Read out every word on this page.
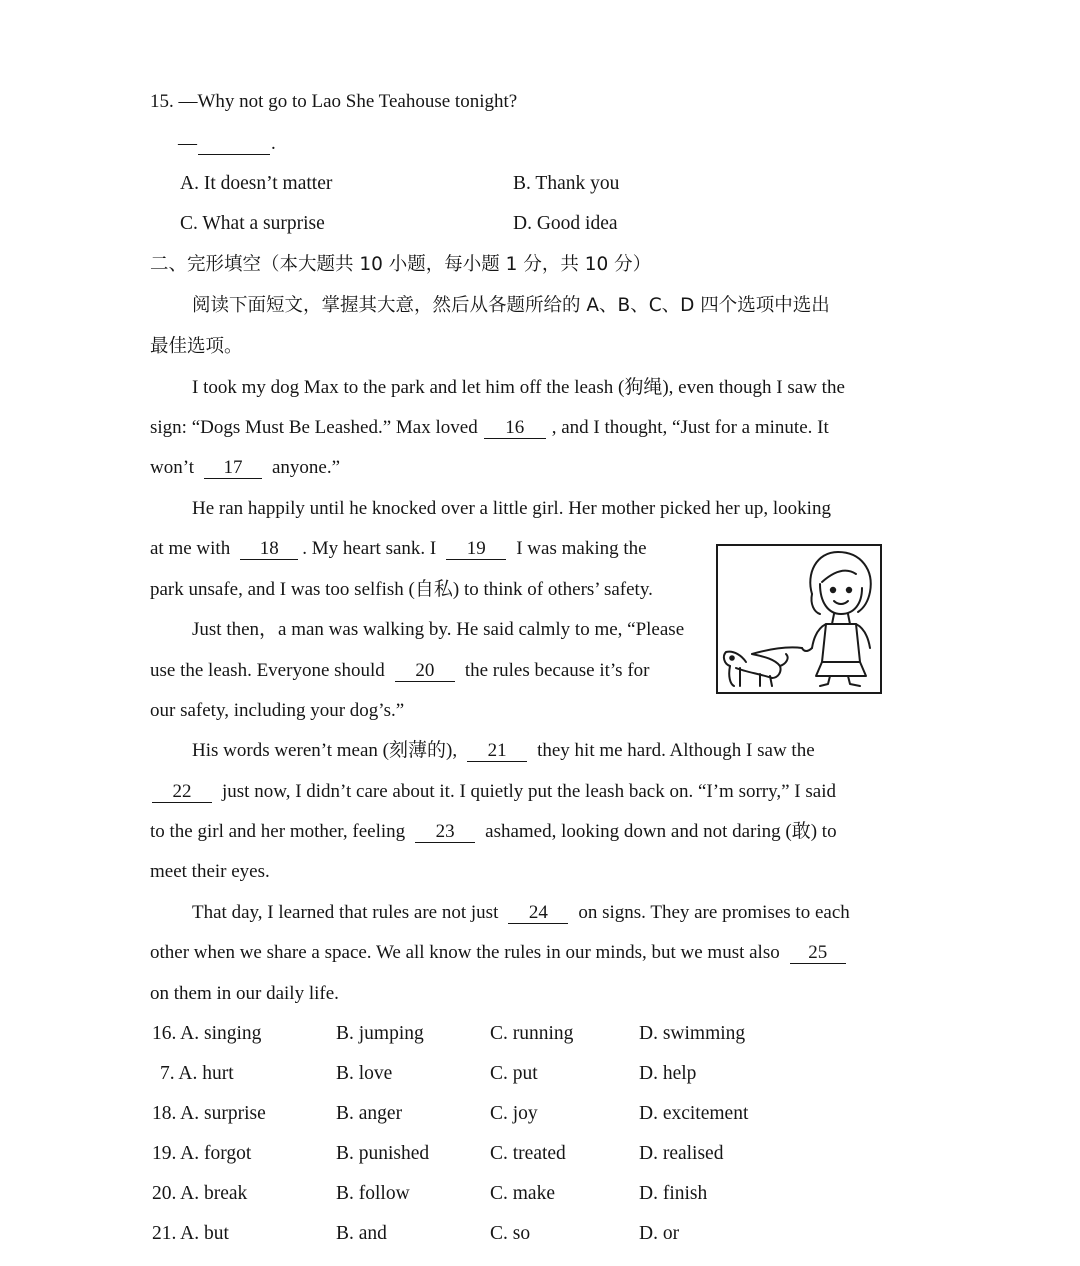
15. —Why not go to Lao She Teahouse tonight?
—	.
A. It doesn’t matter	B. Thank you
C. What a surprise	D. Good idea
二、完形填空（本大题共 10 小题，每小题 1 分，共 10 分）
阅读下面短文，掌握其大意，然后从各题所给的 A、B、C、D 四个选项中选出
最佳选项。
I took my dog Max to the park and let him off the leash (狗绳), even though I saw the
sign: “Dogs Must Be Leashed.” Max loved 16 , and I thought, “Just for a minute. It
won’t 17 anyone.”
He ran happily until he knocked over a little girl. Her mother picked her up, looking
at me with 18 . My heart sank. I 19 I was making the
park unsafe, and I was too selfish (自私) to think of others’ safety.
Just then，a man was walking by. He said calmly to me, “Please
use the leash. Everyone should 20 the rules because it’s for
our safety, including your dog’s.”
His words weren’t mean (刻薄的), 21 they hit me hard. Although I saw the
22 just now, I didn’t care about it. I quietly put the leash back on. “I’m sorry,” I said
to the girl and her mother, feeling 23 ashamed, looking down and not daring (敢) to
meet their eyes.
That day, I learned that rules are not just 24 on signs. They are promises to each
other when we share a space. We all know the rules in our minds, but we must also 25
on them in our daily life.
16. A. singing	B. jumping	C. running	D. swimming
7. A. hurt	B. love	C. put	D. help
18. A. surprise	B. anger	C. joy	D. excitement
19. A. forgot	B. punished	C. treated	D. realised
20. A. break	B. follow	C. make	D. finish
21. A. but	B. and	C. so	D. or
